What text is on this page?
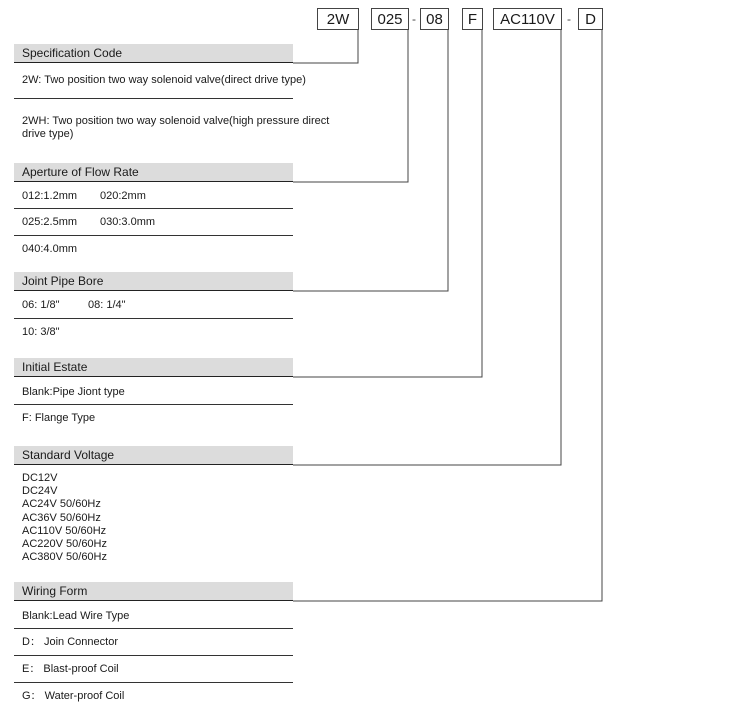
2W	025 - 08	F	AC110V	- D
Specification Code
2W: Two position two way solenoid valve(direct drive type)
2WH: Two position two way solenoid valve(high pressure direct drive type)
Aperture of Flow Rate
012:1.2mm 020:2mm
025:2.5mm 030:3.0mm
040:4.0mm
Joint Pipe Bore
06: 1/8"	08: 1/4"
10: 3/8"
Initial Estate
Blank:Pipe Jiont type
F: Flange Type
Standard Voltage
DC12V
DC24V
AC24V 50/60Hz
AC36V 50/60Hz
AC110V 50/60Hz
AC220V 50/60Hz
AC380V 50/60Hz
Wiring Form
Blank:Lead Wire Type
D： Join Connector
E： Blast-proof Coil
G： Water-proof Coil
